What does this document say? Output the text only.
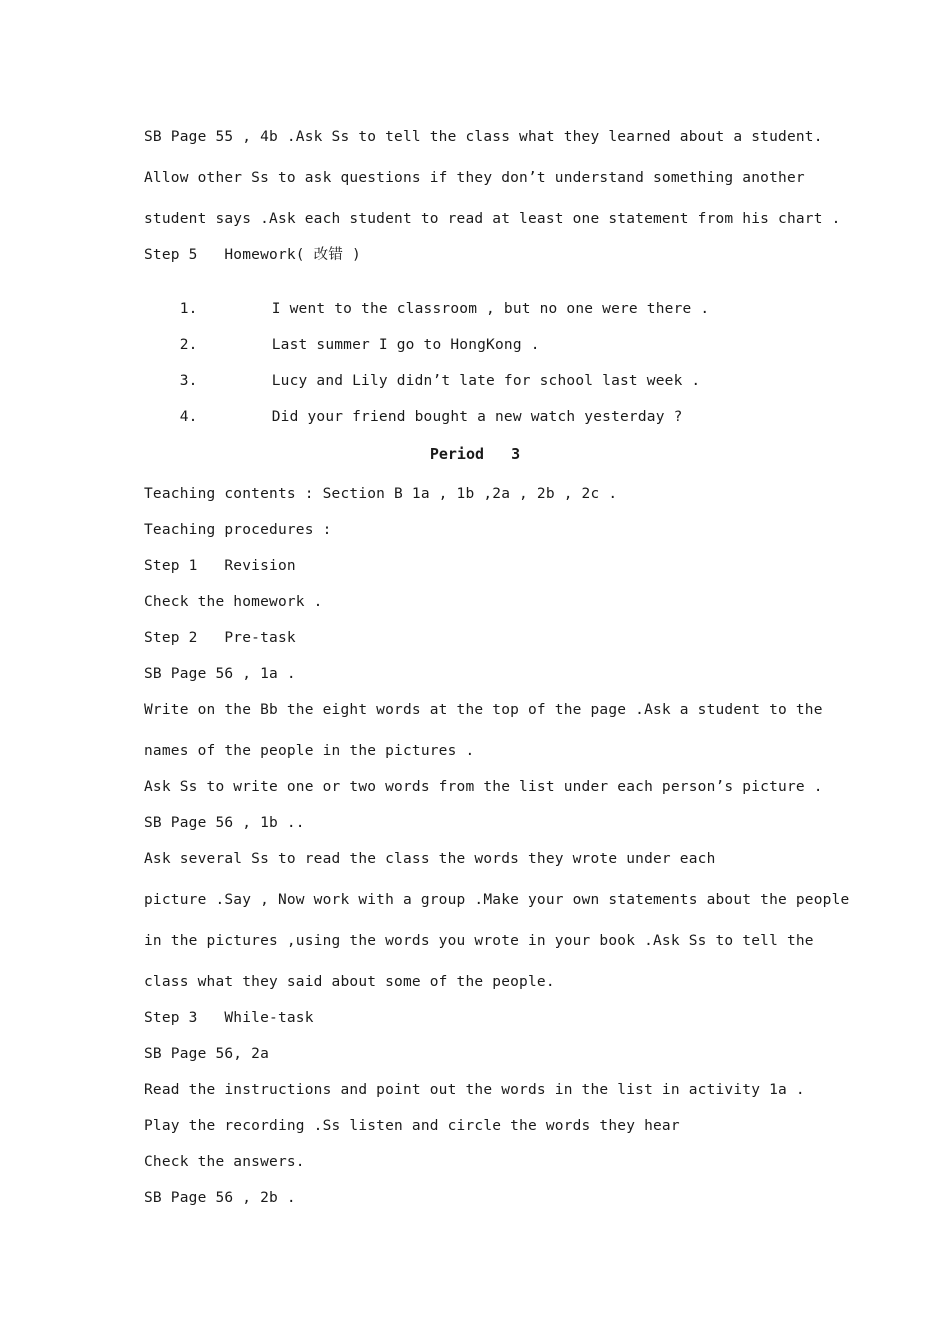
SB Page 55 , 4b .Ask Ss to tell the class what they learned about a student.
Allow other Ss to ask questions if they don’t understand something another
student says .Ask each student to read at least one statement from his chart .
Step 5   Homework( 改错 )

1.	I went to the classroom , but no one were there .

2.	Last summer I go to HongKong .

3.	Lucy and Lily didn’t late for school last week .

4.	Did your friend bought a new watch yesterday ?

Period   3
Teaching contents : Section B 1a , 1b ,2a , 2b , 2c .
Teaching procedures :
Step 1   Revision
Check the homework .
Step 2   Pre-task
SB Page 56 , 1a .
Write on the Bb the eight words at the top of the page .Ask a student to the
names of the people in the pictures .
Ask Ss to write one or two words from the list under each person’s picture .
SB Page 56 , 1b ..
Ask several Ss to read the class the words they wrote under each
picture .Say , Now work with a group .Make your own statements about the people
in the pictures ,using the words you wrote in your book .Ask Ss to tell the
class what they said about some of the people.
Step 3   While-task
SB Page 56, 2a
Read the instructions and point out the words in the list in activity 1a .
Play the recording .Ss listen and circle the words they hear
Check the answers.
SB Page 56 , 2b .
